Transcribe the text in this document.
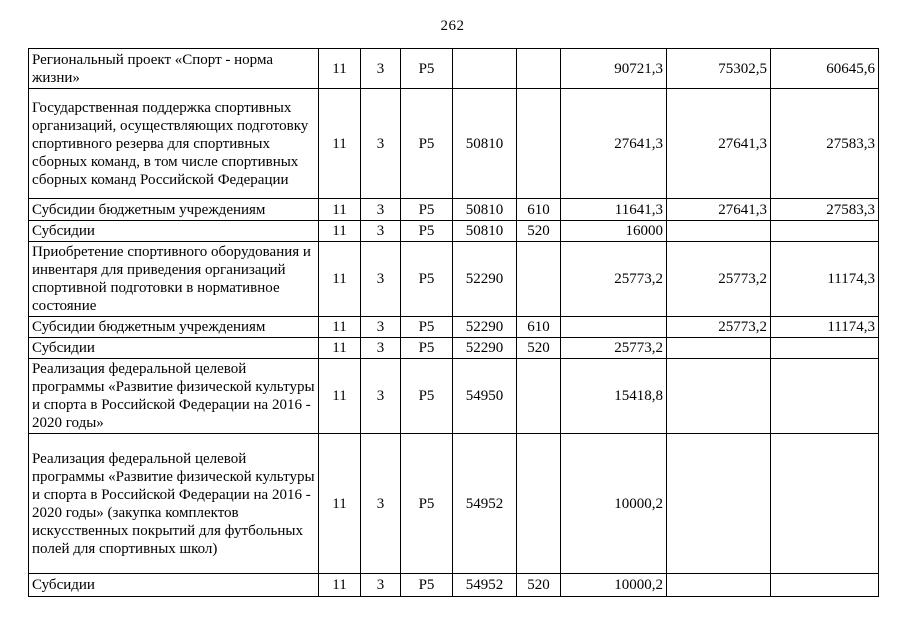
262
Региональный проект «Спорт - норма жизни»	11	3	Р5			90721,3	75302,5	60645,6
Государственная поддержка спортивных организаций, осуществляющих подготовку спортивного резерва для спортивных сборных команд, в том числе спортивных сборных команд Российской Федерации	11	3	Р5	50810		27641,3	27641,3	27583,3
Субсидии бюджетным учреждениям	11	3	Р5	50810	610	11641,3	27641,3	27583,3
Субсидии	11	3	Р5	50810	520	16000		
Приобретение спортивного оборудования и инвентаря для приведения организаций спортивной подготовки в нормативное состояние	11	3	Р5	52290		25773,2	25773,2	11174,3
Субсидии бюджетным учреждениям	11	3	Р5	52290	610		25773,2	11174,3
Субсидии	11	3	Р5	52290	520	25773,2		
Реализация федеральной целевой программы «Развитие физической культуры и спорта в Российской Федерации на 2016 - 2020 годы»	11	3	Р5	54950		15418,8		
Реализация федеральной целевой программы «Развитие физической культуры и спорта в Российской Федерации на 2016 - 2020 годы» (закупка комплектов искусственных покрытий для футбольных полей для спортивных школ)	11	3	Р5	54952		10000,2		
Субсидии	11	3	Р5	54952	520	10000,2		
